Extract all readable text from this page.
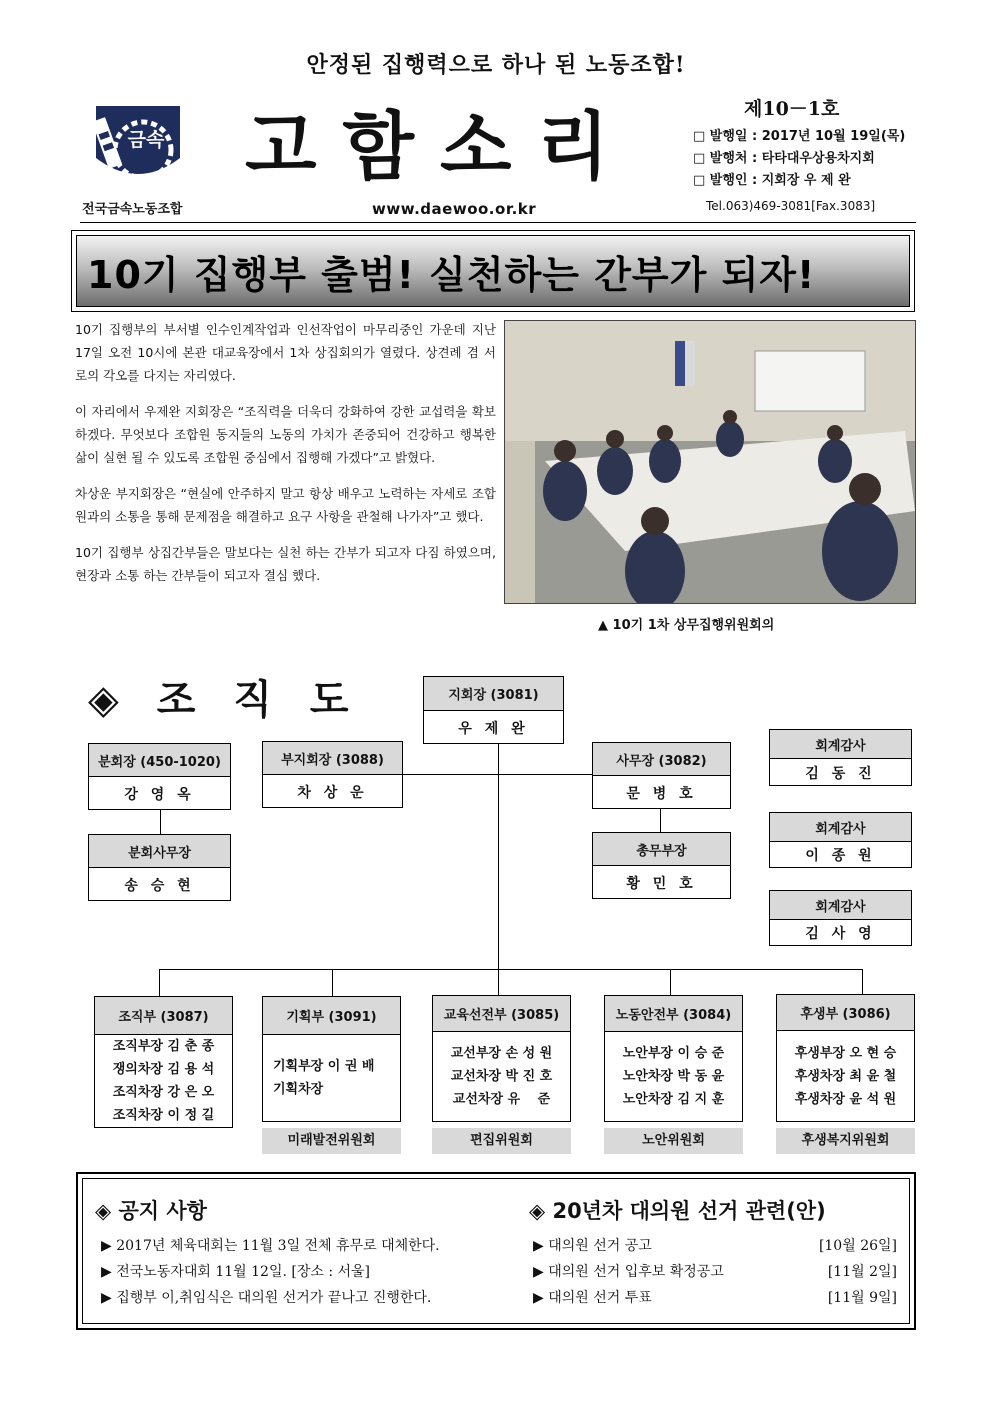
안정된 집행력으로 하나 된 노동조합!
금속
전국금속노동조합
고함소리
www.daewoo.or.kr
제10－1호
□ 발행일 : 2017년 10월 19일(목)
□ 발행처 : 타타대우상용차지회
□ 발행인 : 지회장 우 제 완
Tel.063)469-3081[Fax.3083]
10기 집행부 출범! 실천하는 간부가 되자!

10기 집행부의 부서별 인수인계작업과 인선작업이 마무리중인 가운데 지난 17일 오전 10시에 본관 대교육장에서 1차 상집회의가 열렸다. 상견례 겸 서로의 각오를 다지는 자리였다.

이 자리에서 우제완 지회장은 “조직력을 더욱더 강화하여 강한 교섭력을 확보하겠다. 무엇보다 조합원 동지들의 노동의 가치가 존중되어 건강하고 행복한 삶이 실현 될 수 있도록 조합원 중심에서 집행해 가겠다”고 밝혔다.

차상운 부지회장은 “현실에 안주하지 말고 항상 배우고 노력하는 자세로 조합원과의 소통을 통해 문제점을 해결하고 요구 사항을 관철해 나가자”고 했다.

10기 집행부 상집간부들은 말보다는 실천 하는 간부가 되고자 다짐 하였으며, 현장과 소통 하는 간부들이 되고자 결심 했다.

▲ 10기 1차 상무집행위원회의
◈ 조 직 도	지회장 (3081)
우 제 완
분회장 (450-1020)
강 영 옥
분회사무장
송 승 현
부지회장 (3088)
차 상 운
사무장 (3082)
문 병 호
총무부장
황 민 호
회계감사
김 동 진
회계감사
이 종 원
회계감사
김 사 영
조직부 (3087)
조직부장 김 춘 종
쟁의차장 김 용 석
조직차장 강 은 오
조직차장 이 정 길
기획부 (3091)
기획부장 이 권 배
기획차장
미래발전위원회
교육선전부 (3085)
교선부장 손 성 원
교선차장 박 진 호
교선차장 유　 준
편집위원회
노동안전부 (3084)
노안부장 이 승 준
노안차장 박 동 윤
노안차장 김 지 훈
노안위원회
후생부 (3086)
후생부장 오 현 승
후생차장 최 윤 철
후생차장 윤 석 원
후생복지위원회
◈ 공지 사항
▶ 2017년 체육대회는 11월 3일 전체 휴무로 대체한다.
▶ 전국노동자대회 11월 12일. [장소 : 서울]
▶ 집행부 이,취임식은 대의원 선거가 끝나고 진행한다.
◈ 20년차 대의원 선거 관련(안)
▶ 대의원 선거 공고	[10월 26일]
▶ 대의원 선거 입후보 확정공고	[11월 2일]
▶ 대의원 선거 투표	[11월 9일]
